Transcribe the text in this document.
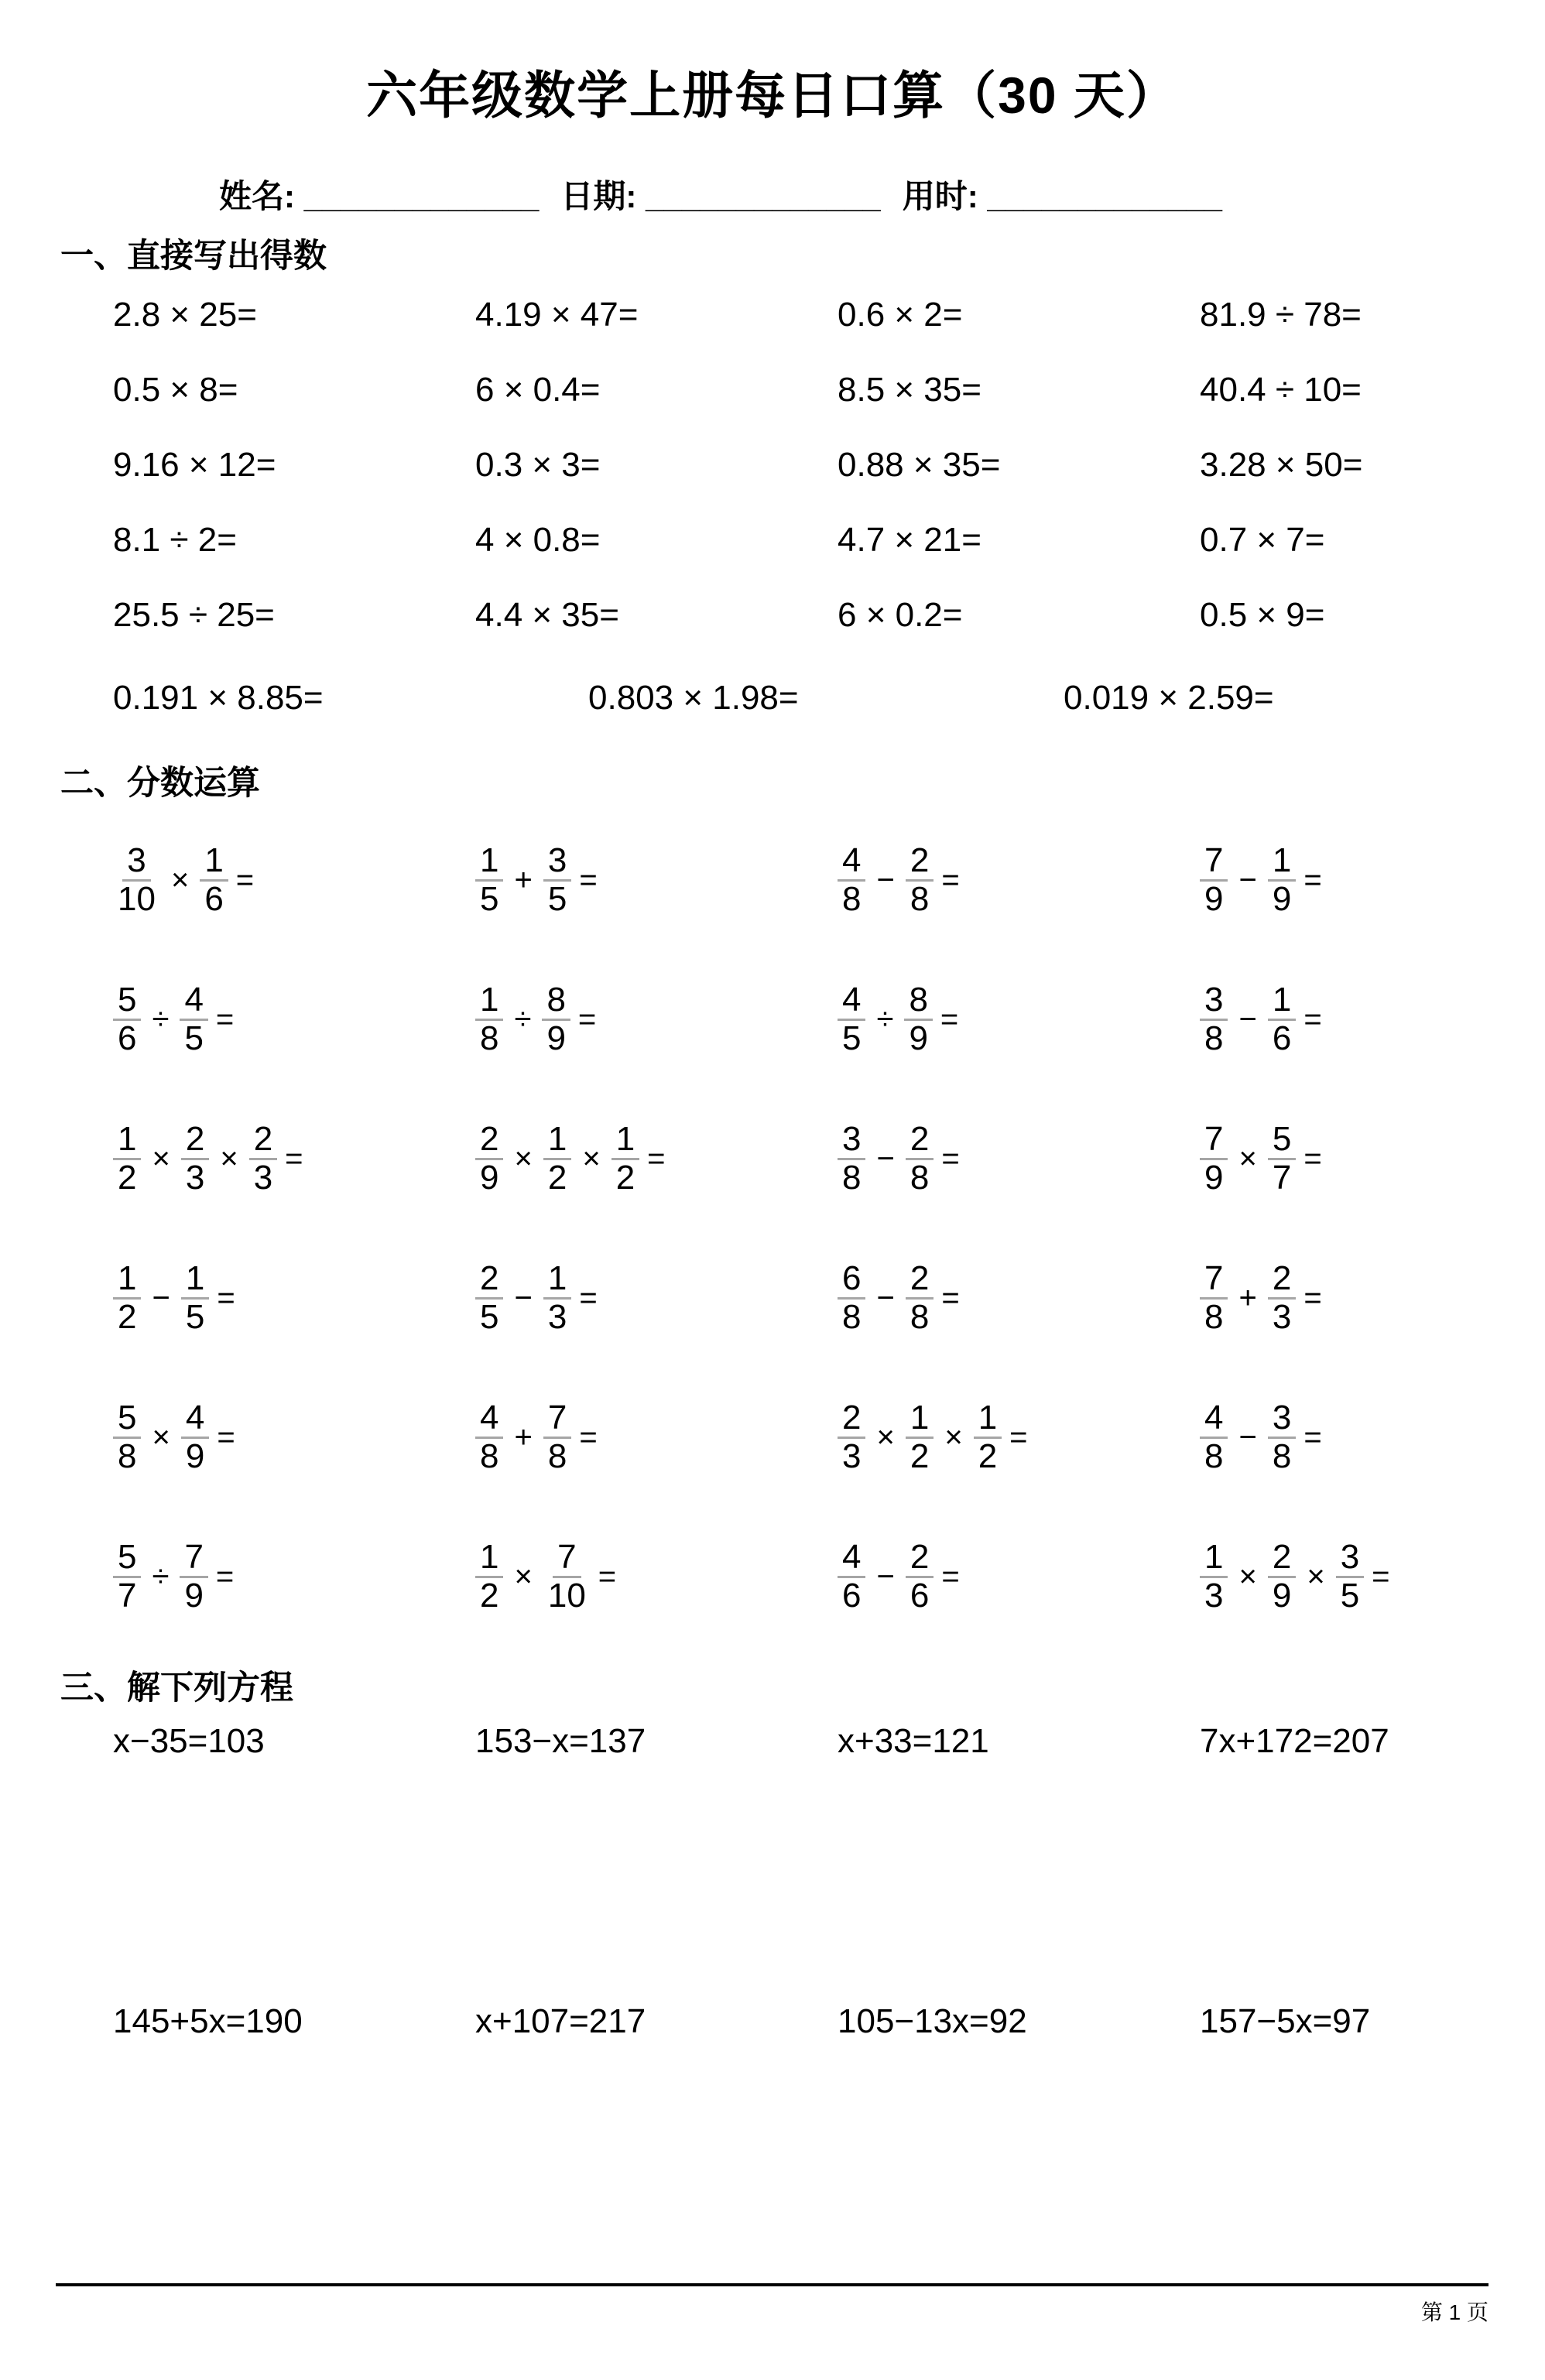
六年级数学上册每日口算（30 天）
姓名: _____________ 日期: _____________ 用时: _____________
一、直接写出得数
2.8 × 25=	4.19 × 47=	0.6 × 2=	81.9 ÷ 78=
0.5 × 8=	6 × 0.4=	8.5 × 35=	40.4 ÷ 10=
9.16 × 12=	0.3 × 3=	0.88 × 35=	3.28 × 50=
8.1 ÷ 2=	4 × 0.8=	4.7 × 21=	0.7 × 7=
25.5 ÷ 25=	4.4 × 35=	6 × 0.2=	0.5 × 9=
0.191 × 8.85=	0.803 × 1.98=	0.019 × 2.59=
二、分数运算
$\frac{3}{10} \times \frac{1}{6}$ =	$\frac{1}{5} + \frac{3}{5}$ =	$\frac{4}{8} - \frac{2}{8}$ =	$\frac{7}{9} - \frac{1}{9}$ =
$\frac{5}{6} \div \frac{4}{5}$ =	$\frac{1}{8} \div \frac{8}{9}$ =	$\frac{4}{5} \div \frac{8}{9}$ =	$\frac{3}{8} - \frac{1}{6}$ =
$\frac{1}{2} \times \frac{2}{3} \times \frac{2}{3}$ =	$\frac{2}{9} \times \frac{1}{2} \times \frac{1}{2}$ =	$\frac{3}{8} - \frac{2}{8}$ =	$\frac{7}{9} \times \frac{5}{7}$ =
$\frac{1}{2} - \frac{1}{5}$ =	$\frac{2}{5} - \frac{1}{3}$ =	$\frac{6}{8} - \frac{2}{8}$ =	$\frac{7}{8} + \frac{2}{3}$ =
$\frac{5}{8} \times \frac{4}{9}$ =	$\frac{4}{8} + \frac{7}{8}$ =	$\frac{2}{3} \times \frac{1}{2} \times \frac{1}{2}$ =	$\frac{4}{8} - \frac{3}{8}$ =
$\frac{5}{7} \div \frac{7}{9}$ =	$\frac{1}{2} \times \frac{7}{10}$ =	$\frac{4}{6} - \frac{2}{6}$ =	$\frac{1}{3} \times \frac{2}{9} \times \frac{3}{5}$ =
三、解下列方程
x−35=103	153−x=137	x+33=121	7x+172=207
145+5x=190	x+107=217	105−13x=92	157−5x=97
第 1 页
